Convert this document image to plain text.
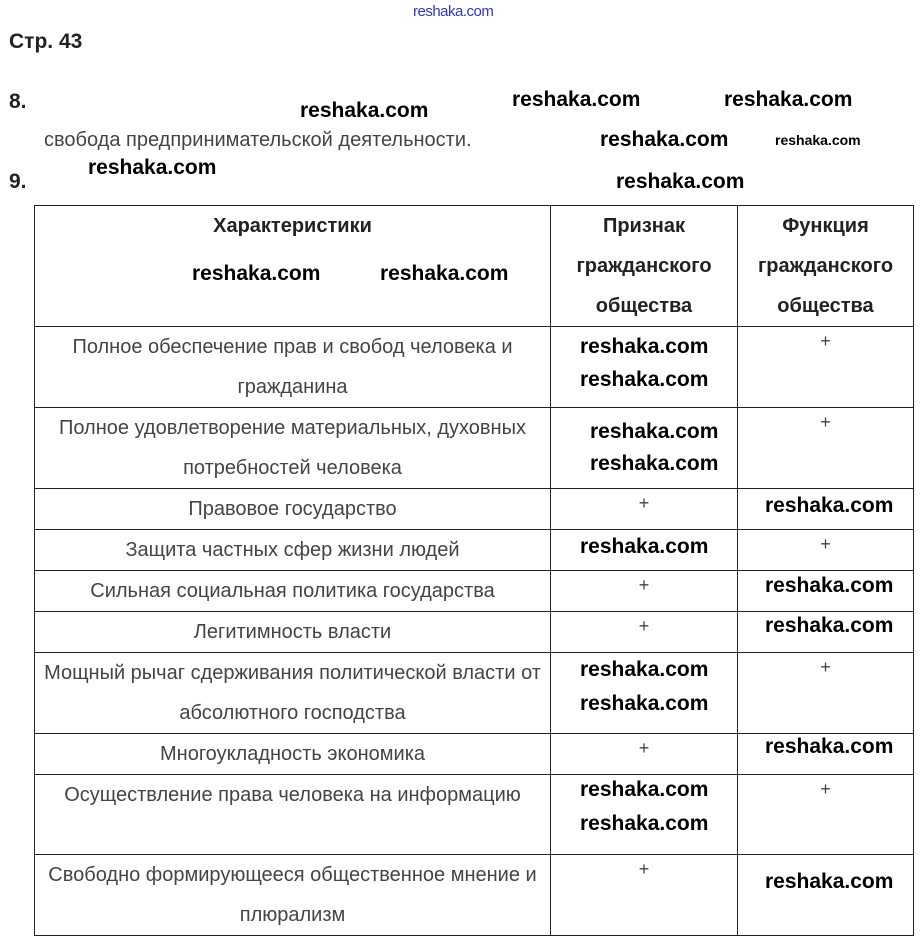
reshaka.com
Стр. 43
8.
свобода предпринимательской деятельности.
9.
Характеристики	Признак гражданского общества	Функция гражданского общества
Полное обеспечение прав и свобод человека и гражданина		+
Полное удовлетворение материальных, духовных потребностей человека		+
Правовое государство	+	
Защита частных сфер жизни людей		+
Сильная социальная политика государства	+	
Легитимность власти	+	
Мощный рычаг сдерживания политической власти от абсолютного господства		+
Многоукладность экономика	+	
Осуществление права человека на информацию		+
Свободно формирующееся общественное мнение и плюрализм	+	
reshaka.com	reshaka.com	reshaka.com
reshaka.com
reshaka.com
reshaka.com
reshaka.com
reshaka.com	reshaka.com
reshaka.com
reshaka.com
reshaka.com
reshaka.com
reshaka.com
reshaka.com
reshaka.com
reshaka.com
reshaka.com
reshaka.com
reshaka.com
reshaka.com
reshaka.com
reshaka.com
